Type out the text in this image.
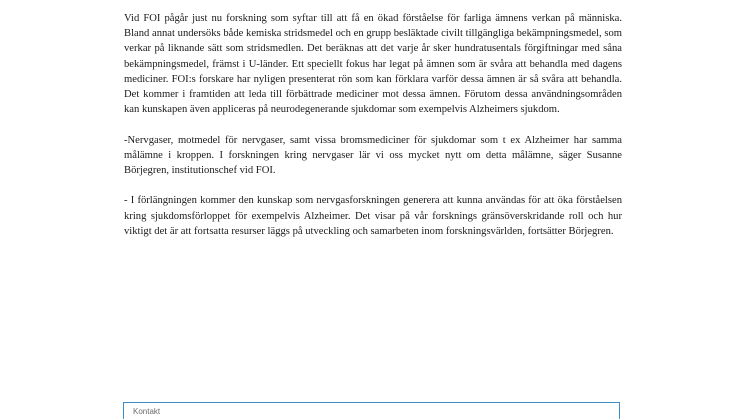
Vid FOI pågår just nu forskning som syftar till att få en ökad förståelse för farliga ämnens verkan på människa. Bland annat undersöks både kemiska stridsmedel och en grupp besläktade civilt tillgängliga bekämpningsmedel, som verkar på liknande sätt som stridsmedlen. Det beräknas att det varje år sker hundratusentals förgiftningar med såna bekämpningsmedel, främst i U-länder. Ett speciellt fokus har legat på ämnen som är svåra att behandla med dagens mediciner. FOI:s forskare har nyligen presenterat rön som kan förklara varför dessa ämnen är så svåra att behandla. Det kommer i framtiden att leda till förbättrade mediciner mot dessa ämnen. Förutom dessa användningsområden kan kunskapen även appliceras på neurodegenerande sjukdomar som exempelvis Alzheimers sjukdom.

-Nervgaser, motmedel för nervgaser, samt vissa bromsmediciner för sjukdomar som t ex Alzheimer har samma målämne i kroppen. I forskningen kring nervgaser lär vi oss mycket nytt om detta målämne, säger Susanne Börjegren, institutionschef vid FOI.

- I förlängningen kommer den kunskap som nervgasforskningen generera att kunna användas för att öka förståelsen kring sjukdomsförloppet för exempelvis Alzheimer. Det visar på vår forsknings gränsöverskridande roll och hur viktigt det är att fortsatta resurser läggs på utveckling och samarbeten inom forskningsvärlden, fortsätter Börjegren.

Kontakt
